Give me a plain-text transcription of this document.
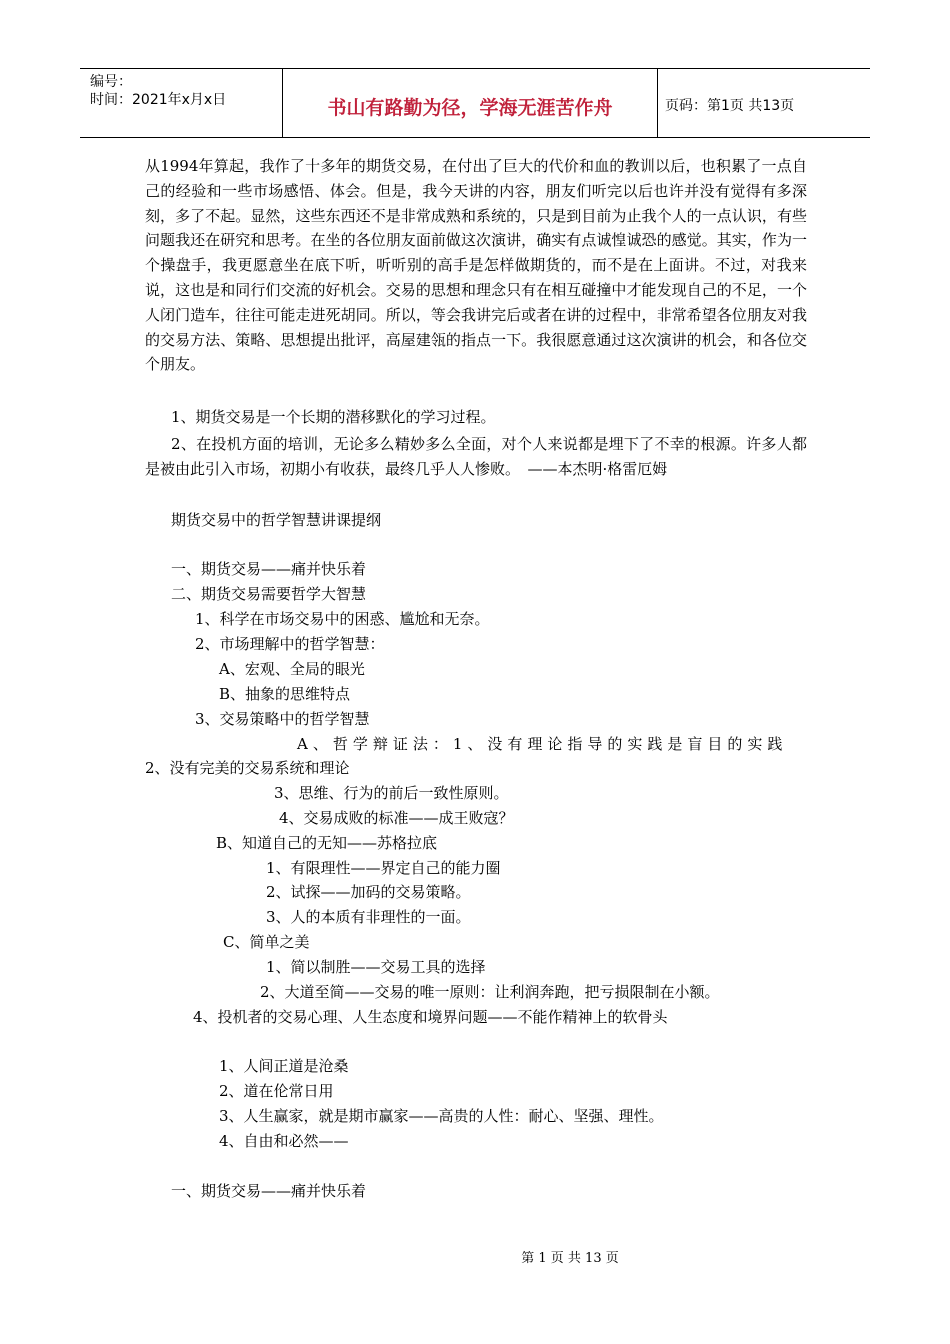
编号：
时间：2021年x月x日	书山有路勤为径，学海无涯苦作舟	页码：第1页 共13页
从1994年算起，我作了十多年的期货交易，在付出了巨大的代价和血的教训以后，也积累了一点自己的经验和一些市场感悟、体会。但是，我今天讲的内容，朋友们听完以后也许并没有觉得有多深刻，多了不起。显然，这些东西还不是非常成熟和系统的，只是到目前为止我个人的一点认识，有些问题我还在研究和思考。在坐的各位朋友面前做这次演讲，确实有点诚惶诚恐的感觉。其实，作为一个操盘手，我更愿意坐在底下听，听听别的高手是怎样做期货的，而不是在上面讲。不过，对我来说，这也是和同行们交流的好机会。交易的思想和理念只有在相互碰撞中才能发现自己的不足，一个人闭门造车，往往可能走进死胡同。所以，等会我讲完后或者在讲的过程中，非常希望各位朋友对我的交易方法、策略、思想提出批评，高屋建瓴的指点一下。我很愿意通过这次演讲的机会，和各位交个朋友。
1、期货交易是一个长期的潜移默化的学习过程。
2、在投机方面的培训，无论多么精妙多么全面，对个人来说都是埋下了不幸的根源。许多人都是被由此引入市场，初期小有收获，最终几乎人人惨败。　——本杰明·格雷厄姆
期货交易中的哲学智慧讲课提纲
一、期货交易——痛并快乐着
二、期货交易需要哲学大智慧
1、科学在市场交易中的困惑、尴尬和无奈。
2、市场理解中的哲学智慧：
A、宏观、全局的眼光
B、抽象的思维特点
3、交易策略中的哲学智慧
A、哲学辩证法：1、没有理论指导的实践是盲目的实践
2、没有完美的交易系统和理论
3、思维、行为的前后一致性原则。
4、交易成败的标准——成王败寇？
B、知道自己的无知——苏格拉底
1、有限理性——界定自己的能力圈
2、试探——加码的交易策略。
3、人的本质有非理性的一面。
C、简单之美
1、简以制胜——交易工具的选择
2、大道至简——交易的唯一原则：让利润奔跑，把亏损限制在小额。
4、投机者的交易心理、人生态度和境界问题——不能作精神上的软骨头
1、人间正道是沧桑
2、道在伦常日用
3、人生赢家，就是期市赢家——高贵的人性：耐心、坚强、理性。
4、自由和必然——
一、期货交易——痛并快乐着
第 1 页 共 13 页
